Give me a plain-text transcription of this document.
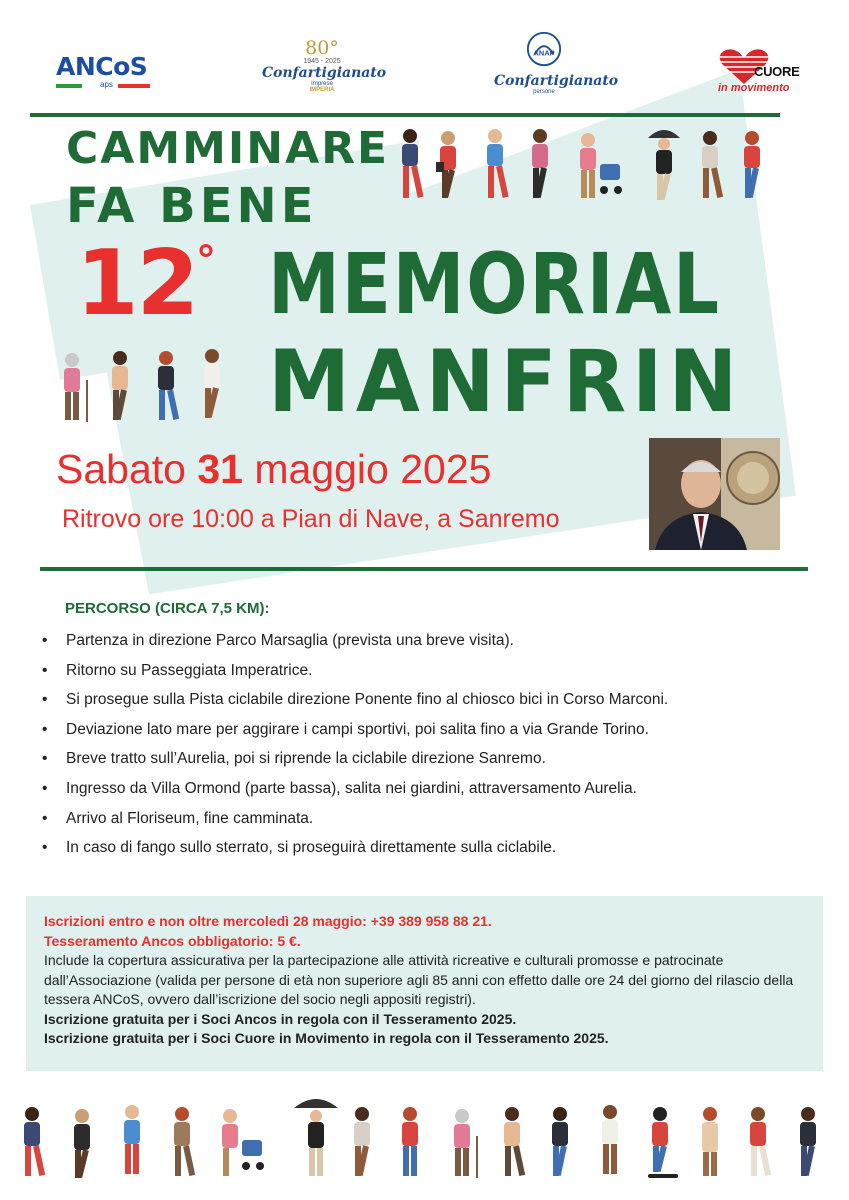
ANCoS
aps
80°
1945 - 2025
Confartigianato
Imprese
IMPERIA
ANAP
Confartigianato
persone
CUORE
in movimento
CAMMINARE
FA BENE
12
° MEMORIAL
MANFRIN
Sabato 31 maggio 2025
Ritrovo ore 10:00 a Pian di Nave, a Sanremo
PERCORSO (CIRCA 7,5 KM):
• Partenza in direzione Parco Marsaglia (prevista una breve visita).
• Ritorno su Passeggiata Imperatrice.
• Si prosegue sulla Pista ciclabile direzione Ponente fino al chiosco bici in Corso Marconi.
• Deviazione lato mare per aggirare i campi sportivi, poi salita fino a via Grande Torino.
• Breve tratto sull’Aurelia, poi si riprende la ciclabile direzione Sanremo.
• Ingresso da Villa Ormond (parte bassa), salita nei giardini, attraversamento Aurelia.
• Arrivo al Floriseum, fine camminata.
• In caso di fango sullo sterrato, si proseguirà direttamente sulla ciclabile.
Iscrizioni entro e non oltre mercoledì 28 maggio: +39 389 958 88 21.
Tesseramento Ancos obbligatorio: 5 €.
Include la copertura assicurativa per la partecipazione alle attività ricreative e culturali promosse e patrocinate dall’Associazione (valida per persone di età non superiore agli 85 anni con effetto dalle ore 24 del giorno del rilascio della tessera ANCoS, ovvero dall’iscrizione del socio negli appositi registri).
Iscrizione gratuita per i Soci Ancos in regola con il Tesseramento 2025.
Iscrizione gratuita per i Soci Cuore in Movimento in regola con il Tesseramento 2025.
